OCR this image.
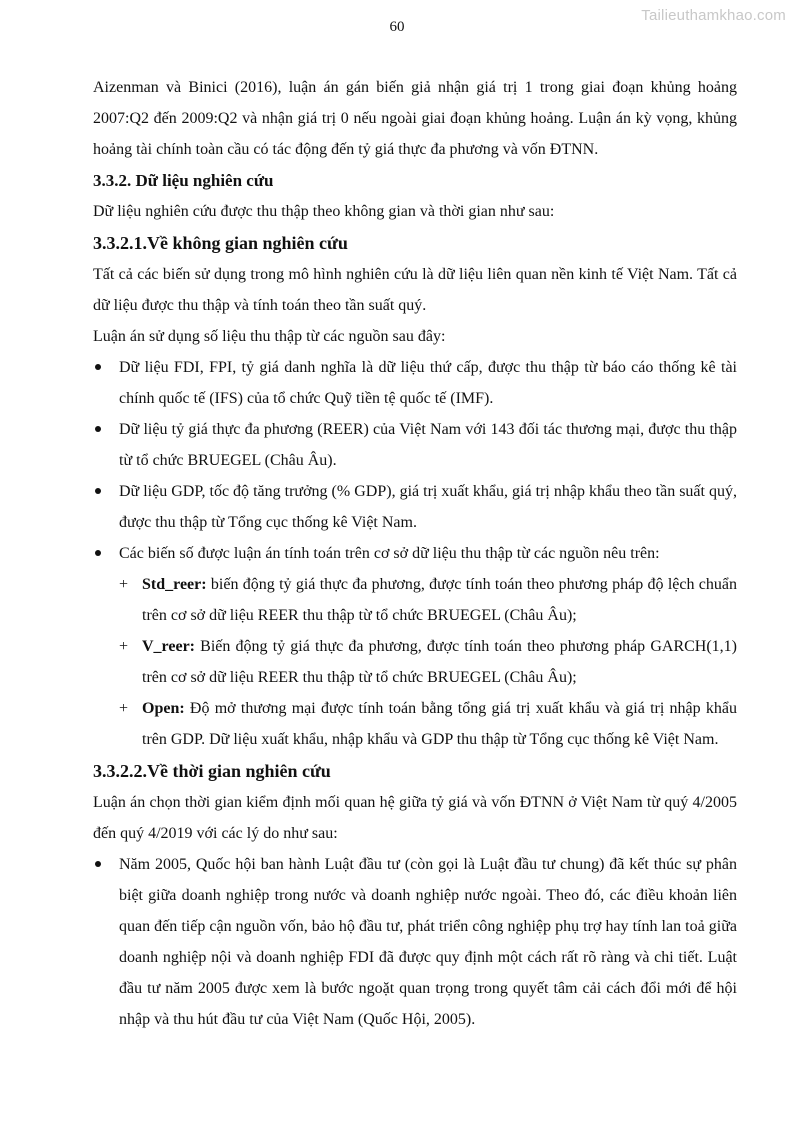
Tailieuthamkhao.com
60

Aizenman và Binici (2016), luận án gán biến giả nhận giá trị 1 trong giai đoạn khủng hoảng 2007:Q2 đến 2009:Q2 và nhận giá trị 0 nếu ngoài giai đoạn khủng hoảng. Luận án kỳ vọng, khủng hoảng tài chính toàn cầu có tác động đến tỷ giá thực đa phương và vốn ĐTNN.

3.3.2. Dữ liệu nghiên cứu

Dữ liệu nghiên cứu được thu thập theo không gian và thời gian như sau:

3.3.2.1.Về không gian nghiên cứu

Tất cả các biến sử dụng trong mô hình nghiên cứu là dữ liệu liên quan nền kinh tế Việt Nam. Tất cả dữ liệu được thu thập và tính toán theo tần suất quý.

Luận án sử dụng số liệu thu thập từ các nguồn sau đây:

Dữ liệu FDI, FPI, tỷ giá danh nghĩa là dữ liệu thứ cấp, được thu thập từ báo cáo thống kê tài chính quốc tế (IFS) của tổ chức Quỹ tiền tệ quốc tế (IMF).
Dữ liệu tỷ giá thực đa phương (REER) của Việt Nam với 143 đối tác thương mại, được thu thập từ tổ chức BRUEGEL (Châu Âu).
Dữ liệu GDP, tốc độ tăng trưởng (% GDP), giá trị xuất khẩu, giá trị nhập khẩu theo tần suất quý, được thu thập từ Tổng cục thống kê Việt Nam.
Các biến số được luận án tính toán trên cơ sở dữ liệu thu thập từ các nguồn nêu trên:
+ Std_reer: biến động tỷ giá thực đa phương, được tính toán theo phương pháp độ lệch chuẩn trên cơ sở dữ liệu REER thu thập từ tổ chức BRUEGEL (Châu Âu);
+ V_reer: Biến động tỷ giá thực đa phương, được tính toán theo phương pháp GARCH(1,1) trên cơ sở dữ liệu REER thu thập từ tổ chức BRUEGEL (Châu Âu);
+ Open: Độ mở thương mại được tính toán bằng tổng giá trị xuất khẩu và giá trị nhập khẩu trên GDP. Dữ liệu xuất khẩu, nhập khẩu và GDP thu thập từ Tổng cục thống kê Việt Nam.
3.3.2.2.Về thời gian nghiên cứu

Luận án chọn thời gian kiểm định mối quan hệ giữa tỷ giá và vốn ĐTNN ở Việt Nam từ quý 4/2005 đến quý 4/2019 với các lý do như sau:

Năm 2005, Quốc hội ban hành Luật đầu tư (còn gọi là Luật đầu tư chung) đã kết thúc sự phân biệt giữa doanh nghiệp trong nước và doanh nghiệp nước ngoài. Theo đó, các điều khoản liên quan đến tiếp cận nguồn vốn, bảo hộ đầu tư, phát triển công nghiệp phụ trợ hay tính lan toả giữa doanh nghiệp nội và doanh nghiệp FDI đã được quy định một cách rất rõ ràng và chi tiết. Luật đầu tư năm 2005 được xem là bước ngoặt quan trọng trong quyết tâm cải cách đổi mới để hội nhập và thu hút đầu tư của Việt Nam (Quốc Hội, 2005).
